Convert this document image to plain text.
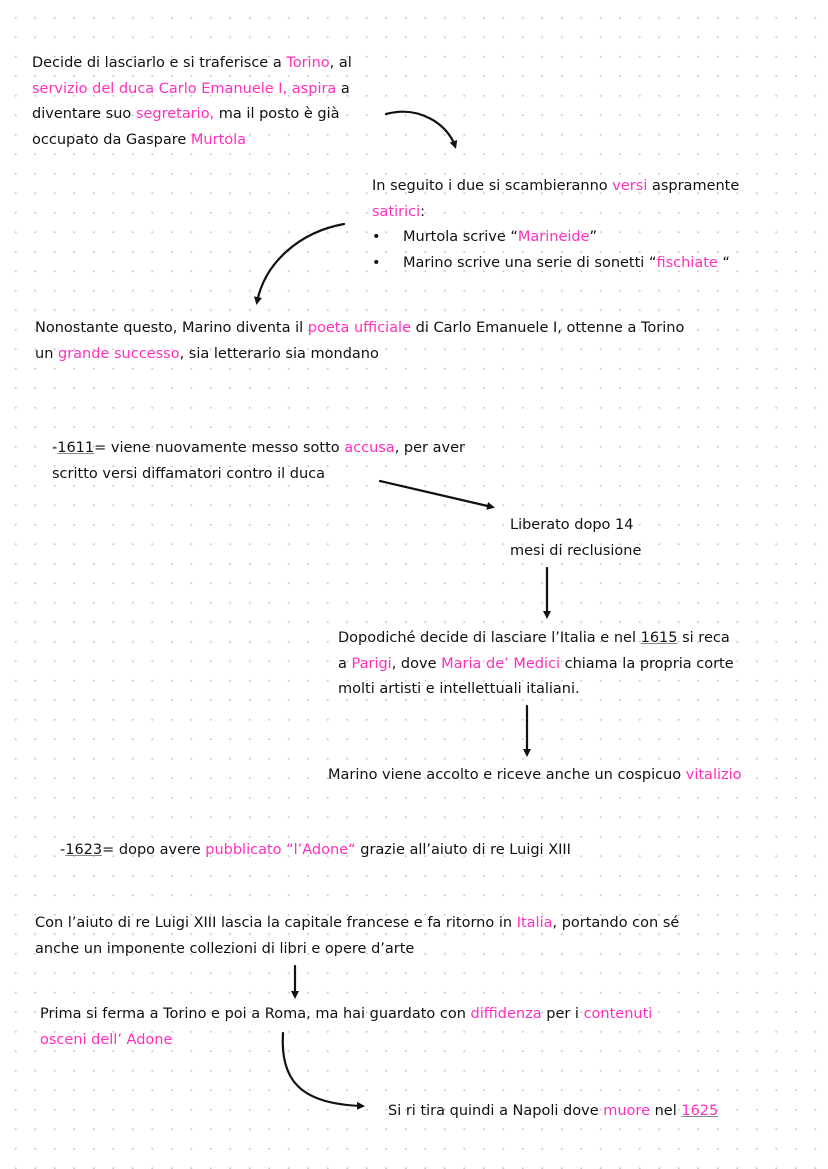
Decide di lasciarlo e si traferisce a Torino, al
servizio del duca Carlo Emanuele I, aspira a
diventare suo segretario, ma il posto è già
occupato da Gaspare Murtola
In seguito i due si scambieranno versi aspramente
satirici:
• Murtola scrive “Marineide”
• Marino scrive una serie di sonetti “fischiate “
Nonostante questo, Marino diventa il poeta ufficiale di Carlo Emanuele I, ottenne a Torino
un grande successo, sia letterario sia mondano
-1611= viene nuovamente messo sotto accusa, per aver
scritto versi diffamatori contro il duca
Liberato dopo 14
mesi di reclusione
Dopodiché decide di lasciare l’Italia e nel 1615 si reca
a Parigi, dove Maria de’ Medici chiama la propria corte
molti artisti e intellettuali italiani.
Marino viene accolto e riceve anche un cospicuo vitalizio
-1623= dopo avere pubblicato “l’Adone“ grazie all’aiuto di re Luigi XIII
Con l’aiuto di re Luigi XIII lascia la capitale francese e fa ritorno in Italia, portando con sé
anche un imponente collezioni di libri e opere d’arte
Prima si ferma a Torino e poi a Roma, ma hai guardato con diffidenza per i contenuti
osceni dell’ Adone
Si ri tira quindi a Napoli dove muore nel 1625
